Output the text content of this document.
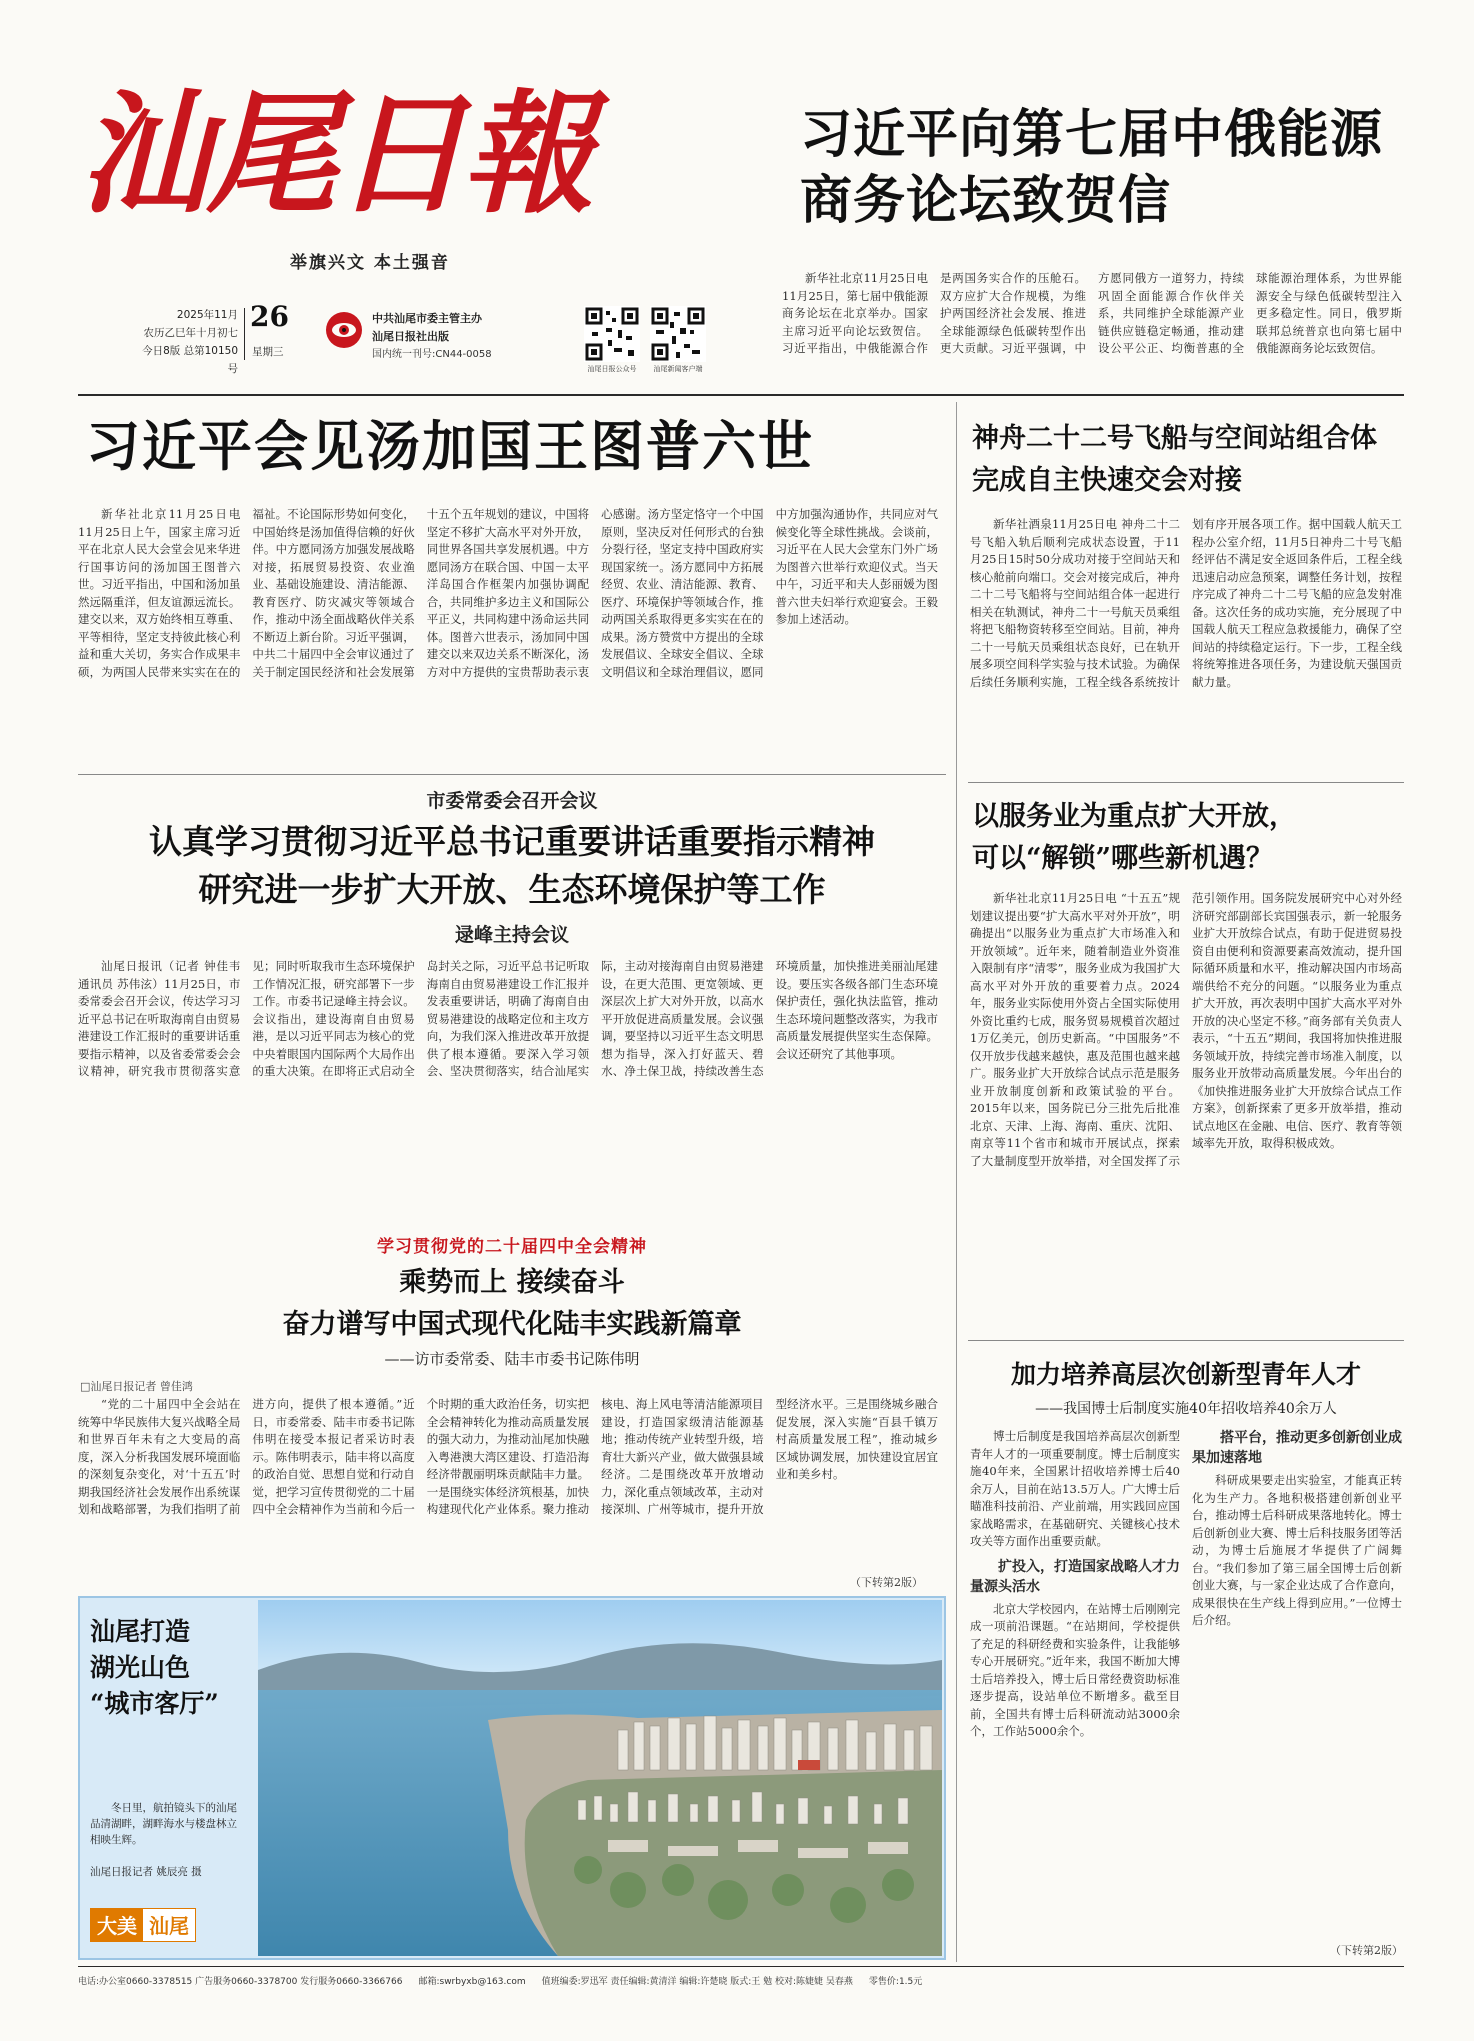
汕尾日報
举旗兴文 本土强音
2025年11月
农历乙巳年十月初七
今日8版 总第10150号
26
星期三
中共汕尾市委主管主办
汕尾日报社出版
国内统一刊号:CN44-0058
汕尾日报公众号	汕尾新闻客户端
习近平向第七届中俄能源商务论坛致贺信

新华社北京11月25日电 11月25日，第七届中俄能源商务论坛在北京举办。国家主席习近平向论坛致贺信。习近平指出，中俄能源合作是两国务实合作的压舱石。双方应扩大合作规模，为维护两国经济社会发展、推进全球能源绿色低碳转型作出更大贡献。习近平强调，中方愿同俄方一道努力，持续巩固全面能源合作伙伴关系，共同维护全球能源产业链供应链稳定畅通，推动建设公平公正、均衡普惠的全球能源治理体系，为世界能源安全与绿色低碳转型注入更多稳定性。同日，俄罗斯联邦总统普京也向第七届中俄能源商务论坛致贺信。

习近平会见汤加国王图普六世

新华社北京11月25日电 11月25日上午，国家主席习近平在北京人民大会堂会见来华进行国事访问的汤加国王图普六世。习近平指出，中国和汤加虽然远隔重洋，但友谊源远流长。建交以来，双方始终相互尊重、平等相待，坚定支持彼此核心利益和重大关切，务实合作成果丰硕，为两国人民带来实实在在的福祉。不论国际形势如何变化，中国始终是汤加值得信赖的好伙伴。中方愿同汤方加强发展战略对接，拓展贸易投资、农业渔业、基础设施建设、清洁能源、教育医疗、防灾减灾等领域合作，推动中汤全面战略伙伴关系不断迈上新台阶。习近平强调，中共二十届四中全会审议通过了关于制定国民经济和社会发展第十五个五年规划的建议，中国将坚定不移扩大高水平对外开放，同世界各国共享发展机遇。中方愿同汤方在联合国、中国－太平洋岛国合作框架内加强协调配合，共同维护多边主义和国际公平正义，共同构建中汤命运共同体。图普六世表示，汤加同中国建交以来双边关系不断深化，汤方对中方提供的宝贵帮助表示衷心感谢。汤方坚定恪守一个中国原则，坚决反对任何形式的台独分裂行径，坚定支持中国政府实现国家统一。汤方愿同中方拓展经贸、农业、清洁能源、教育、医疗、环境保护等领域合作，推动两国关系取得更多实实在在的成果。汤方赞赏中方提出的全球发展倡议、全球安全倡议、全球文明倡议和全球治理倡议，愿同中方加强沟通协作，共同应对气候变化等全球性挑战。会谈前，习近平在人民大会堂东门外广场为图普六世举行欢迎仪式。当天中午，习近平和夫人彭丽媛为图普六世夫妇举行欢迎宴会。王毅参加上述活动。

神舟二十二号飞船与空间站组合体
完成自主快速交会对接

新华社酒泉11月25日电 神舟二十二号飞船入轨后顺利完成状态设置，于11月25日15时50分成功对接于空间站天和核心舱前向端口。交会对接完成后，神舟二十二号飞船将与空间站组合体一起进行相关在轨测试，神舟二十一号航天员乘组将把飞船物资转移至空间站。目前，神舟二十一号航天员乘组状态良好，已在轨开展多项空间科学实验与技术试验。为确保后续任务顺利实施，工程全线各系统按计划有序开展各项工作。据中国载人航天工程办公室介绍，11月5日神舟二十号飞船经评估不满足安全返回条件后，工程全线迅速启动应急预案，调整任务计划，按程序完成了神舟二十二号飞船的应急发射准备。这次任务的成功实施，充分展现了中国载人航天工程应急救援能力，确保了空间站的持续稳定运行。下一步，工程全线将统筹推进各项任务，为建设航天强国贡献力量。

市委常委会召开会议
认真学习贯彻习近平总书记重要讲话重要指示精神
研究进一步扩大开放、生态环境保护等工作
逯峰主持会议

汕尾日报讯（记者 钟佳韦 通讯员 苏伟泫）11月25日，市委常委会召开会议，传达学习习近平总书记在听取海南自由贸易港建设工作汇报时的重要讲话重要指示精神，以及省委常委会会议精神，研究我市贯彻落实意见；同时听取我市生态环境保护工作情况汇报，研究部署下一步工作。市委书记逯峰主持会议。会议指出，建设海南自由贸易港，是以习近平同志为核心的党中央着眼国内国际两个大局作出的重大决策。在即将正式启动全岛封关之际，习近平总书记听取海南自由贸易港建设工作汇报并发表重要讲话，明确了海南自由贸易港建设的战略定位和主攻方向，为我们深入推进改革开放提供了根本遵循。要深入学习领会、坚决贯彻落实，结合汕尾实际，主动对接海南自由贸易港建设，在更大范围、更宽领域、更深层次上扩大对外开放，以高水平开放促进高质量发展。会议强调，要坚持以习近平生态文明思想为指导，深入打好蓝天、碧水、净土保卫战，持续改善生态环境质量，加快推进美丽汕尾建设。要压实各级各部门生态环境保护责任，强化执法监管，推动生态环境问题整改落实，为我市高质量发展提供坚实生态保障。会议还研究了其他事项。

以服务业为重点扩大开放，
可以“解锁”哪些新机遇？

新华社北京11月25日电 “十五五”规划建议提出要“扩大高水平对外开放”，明确提出“以服务业为重点扩大市场准入和开放领域”。近年来，随着制造业外资准入限制有序“清零”，服务业成为我国扩大高水平对外开放的重要着力点。2024年，服务业实际使用外资占全国实际使用外资比重约七成，服务贸易规模首次超过1万亿美元，创历史新高。“中国服务”不仅开放步伐越来越快，惠及范围也越来越广。服务业扩大开放综合试点示范是服务业开放制度创新和政策试验的平台。2015年以来，国务院已分三批先后批准北京、天津、上海、海南、重庆、沈阳、南京等11个省市和城市开展试点，探索了大量制度型开放举措，对全国发挥了示范引领作用。国务院发展研究中心对外经济研究部副部长宾国强表示，新一轮服务业扩大开放综合试点，有助于促进贸易投资自由便利和资源要素高效流动，提升国际循环质量和水平，推动解决国内市场高端供给不充分的问题。“以服务业为重点扩大开放，再次表明中国扩大高水平对外开放的决心坚定不移。”商务部有关负责人表示，“十五五”期间，我国将加快推进服务领域开放，持续完善市场准入制度，以服务业开放带动高质量发展。今年出台的《加快推进服务业扩大开放综合试点工作方案》，创新探索了更多开放举措，推动试点地区在金融、电信、医疗、教育等领域率先开放，取得积极成效。

学习贯彻党的二十届四中全会精神
乘势而上 接续奋斗
奋力谱写中国式现代化陆丰实践新篇章
——访市委常委、陆丰市委书记陈伟明
□汕尾日报记者 曾佳鸿

“党的二十届四中全会站在统筹中华民族伟大复兴战略全局和世界百年未有之大变局的高度，深入分析我国发展环境面临的深刻复杂变化，对‘十五五’时期我国经济社会发展作出系统谋划和战略部署，为我们指明了前进方向，提供了根本遵循。”近日，市委常委、陆丰市委书记陈伟明在接受本报记者采访时表示。陈伟明表示，陆丰将以高度的政治自觉、思想自觉和行动自觉，把学习宣传贯彻党的二十届四中全会精神作为当前和今后一个时期的重大政治任务，切实把全会精神转化为推动高质量发展的强大动力，为推动汕尾加快融入粤港澳大湾区建设、打造沿海经济带靓丽明珠贡献陆丰力量。一是围绕实体经济筑根基，加快构建现代化产业体系。聚力推动核电、海上风电等清洁能源项目建设，打造国家级清洁能源基地；推动传统产业转型升级，培育壮大新兴产业，做大做强县域经济。二是围绕改革开放增动力，深化重点领域改革，主动对接深圳、广州等城市，提升开放型经济水平。三是围绕城乡融合促发展，深入实施“百县千镇万村高质量发展工程”，推动城乡区域协调发展，加快建设宜居宜业和美乡村。

（下转第2版）
汕尾打造
湖光山色
“城市客厅”
冬日里，航拍镜头下的汕尾品清湖畔，湖畔海水与楼盘林立相映生辉。
汕尾日报记者 姚辰亮 摄
大美 汕尾
加力培养高层次创新型青年人才
——我国博士后制度实施40年招收培养40余万人

博士后制度是我国培养高层次创新型青年人才的一项重要制度。博士后制度实施40年来，全国累计招收培养博士后40余万人，目前在站13.5万人。广大博士后瞄准科技前沿、产业前端，用实践回应国家战略需求，在基础研究、关键核心技术攻关等方面作出重要贡献。

扩投入，打造国家战略人才力量源头活水

北京大学校园内，在站博士后刚刚完成一项前沿课题。“在站期间，学校提供了充足的科研经费和实验条件，让我能够专心开展研究。”近年来，我国不断加大博士后培养投入，博士后日常经费资助标准逐步提高，设站单位不断增多。截至目前，全国共有博士后科研流动站3000余个，工作站5000余个。

搭平台，推动更多创新创业成果加速落地

科研成果要走出实验室，才能真正转化为生产力。各地积极搭建创新创业平台，推动博士后科研成果落地转化。博士后创新创业大赛、博士后科技服务团等活动，为博士后施展才华提供了广阔舞台。“我们参加了第三届全国博士后创新创业大赛，与一家企业达成了合作意向，成果很快在生产线上得到应用。”一位博士后介绍。

（下转第2版）
电话:办公室0660-3378515 广告服务0660-3378700 发行服务0660-3366766 邮箱:swrbyxb@163.com 值班编委:罗迅军 责任编辑:黄清洋 编辑:许楚晓 版式:王 勉 校对:陈婕婕 吴春燕 零售价:1.5元
